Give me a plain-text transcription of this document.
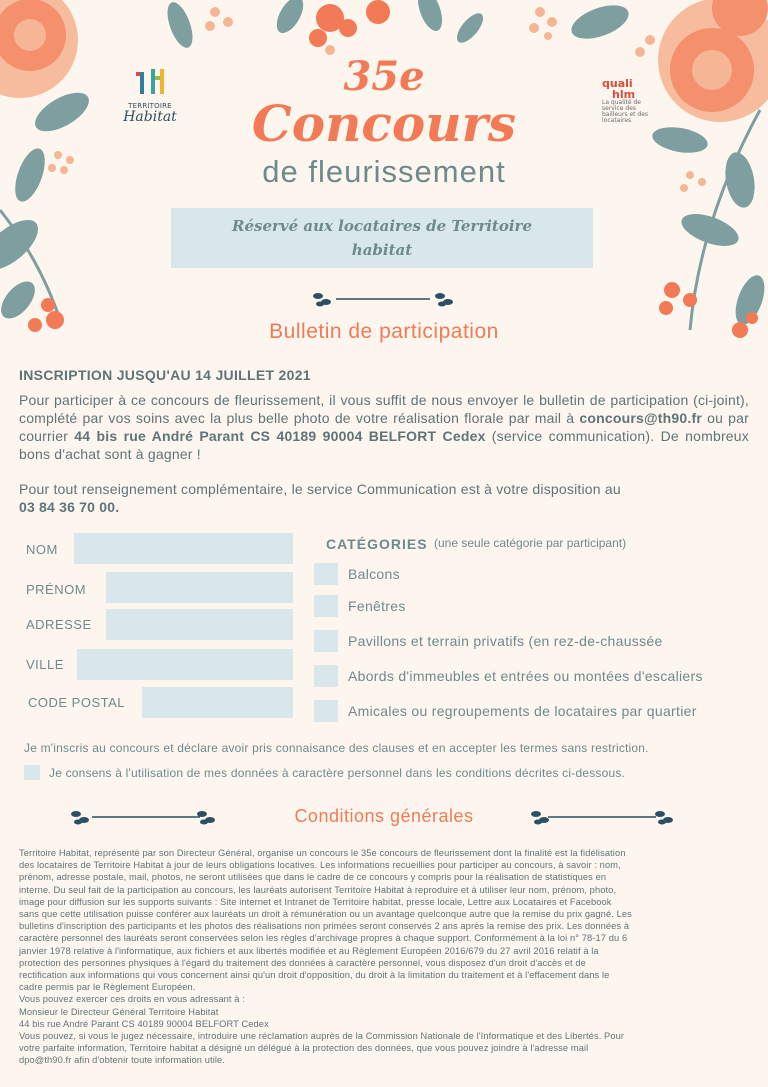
TERRITOIRE
Habitat
quali
hlm
La qualité de service des bailleurs et des locataires
35e
Concours
de fleurissement
Réservé aux locataires de Territoire habitat
Bulletin de participation
INSCRIPTION JUSQU'AU 14 JUILLET 2021
Pour participer à ce concours de fleurissement, il vous suffit de nous envoyer le bulletin de participation (ci-joint), complété par vos soins avec la plus belle photo de votre réalisation florale par mail à concours@th90.fr ou par courrier 44 bis rue André Parant CS 40189 90004 BELFORT Cedex (service communication). De nombreux bons d'achat sont à gagner !
Pour tout renseignement complémentaire, le service Communication est à votre disposition au
03 84 36 70 00.
NOM
PRÉNOM
ADRESSE
VILLE
CODE POSTAL
CATÉGORIES (une seule catégorie par participant)
Balcons
Fenêtres
Pavillons et terrain privatifs (en rez-de-chaussée
Abords d'immeubles et entrées ou montées d'escaliers
Amicales ou regroupements de locataires par quartier
Je m'inscris au concours et déclare avoir pris connaisance des clauses et en accepter les termes sans restriction.
Je consens à l'utilisation de mes données à caractère personnel dans les conditions décrites ci-dessous.
Conditions générales

Territoire Habitat, représenté par son Directeur Général, organise un concours le 35e concours de fleurissement dont la finalité est la fidélisation

des locataires de Territoire Habitat à jour de leurs obligations locatives. Les informations recueillies pour participer au concours, à savoir : nom,

prénom, adresse postale, mail, photos, ne seront utilisées que dans le cadre de ce concours y compris pour la réalisation de statistiques en

interne. Du seul fait de la participation au concours, les lauréats autorisent Territoire Habitat à reproduire et à utiliser leur nom, prénom, photo,

image pour diffusion sur les supports suivants : Site internet et Intranet de Territoire habitat, presse locale, Lettre aux Locataires et Facebook

sans que cette utilisation puisse conférer aux lauréats un droit à rémunération ou un avantage quelconque autre que la remise du prix gagné. Les

bulletins d'inscription des participants et les photos des réalisations non primées seront conservés 2 ans après la remise des prix. Les données à

caractère personnel des lauréats seront conservées selon les règles d'archivage propres à chaque support. Conformément à la loi n° 78-17 du 6

janvier 1978 relative à l'informatique, aux fichiers et aux libertés modifiée et au Règlement Européen 2016/679 du 27 avril 2016 relatif à la

protection des personnes physiques à l'égard du traitement des données à caractère personnel, vous disposez d'un droit d'accès et de

rectification aux informations qui vous concernent ainsi qu'un droit d'opposition, du droit à la limitation du traitement et à l'effacement dans le

cadre permis par le Règlement Européen.

Vous pouvez exercer ces droits en vous adressant à :

Monsieur le Directeur Général Territoire Habitat

44 bis rue André Parant CS 40189 90004 BELFORT Cedex

Vous pouvez, si vous le jugez nécessaire, introduire une réclamation auprès de la Commission Nationale de l'Informatique et des Libertés. Pour

votre parfaite information, Territoire habitat a désigné un délégué à la protection des données, que vous pouvez joindre à l'adresse mail

dpo@th90.fr afin d'obtenir toute information utile.
